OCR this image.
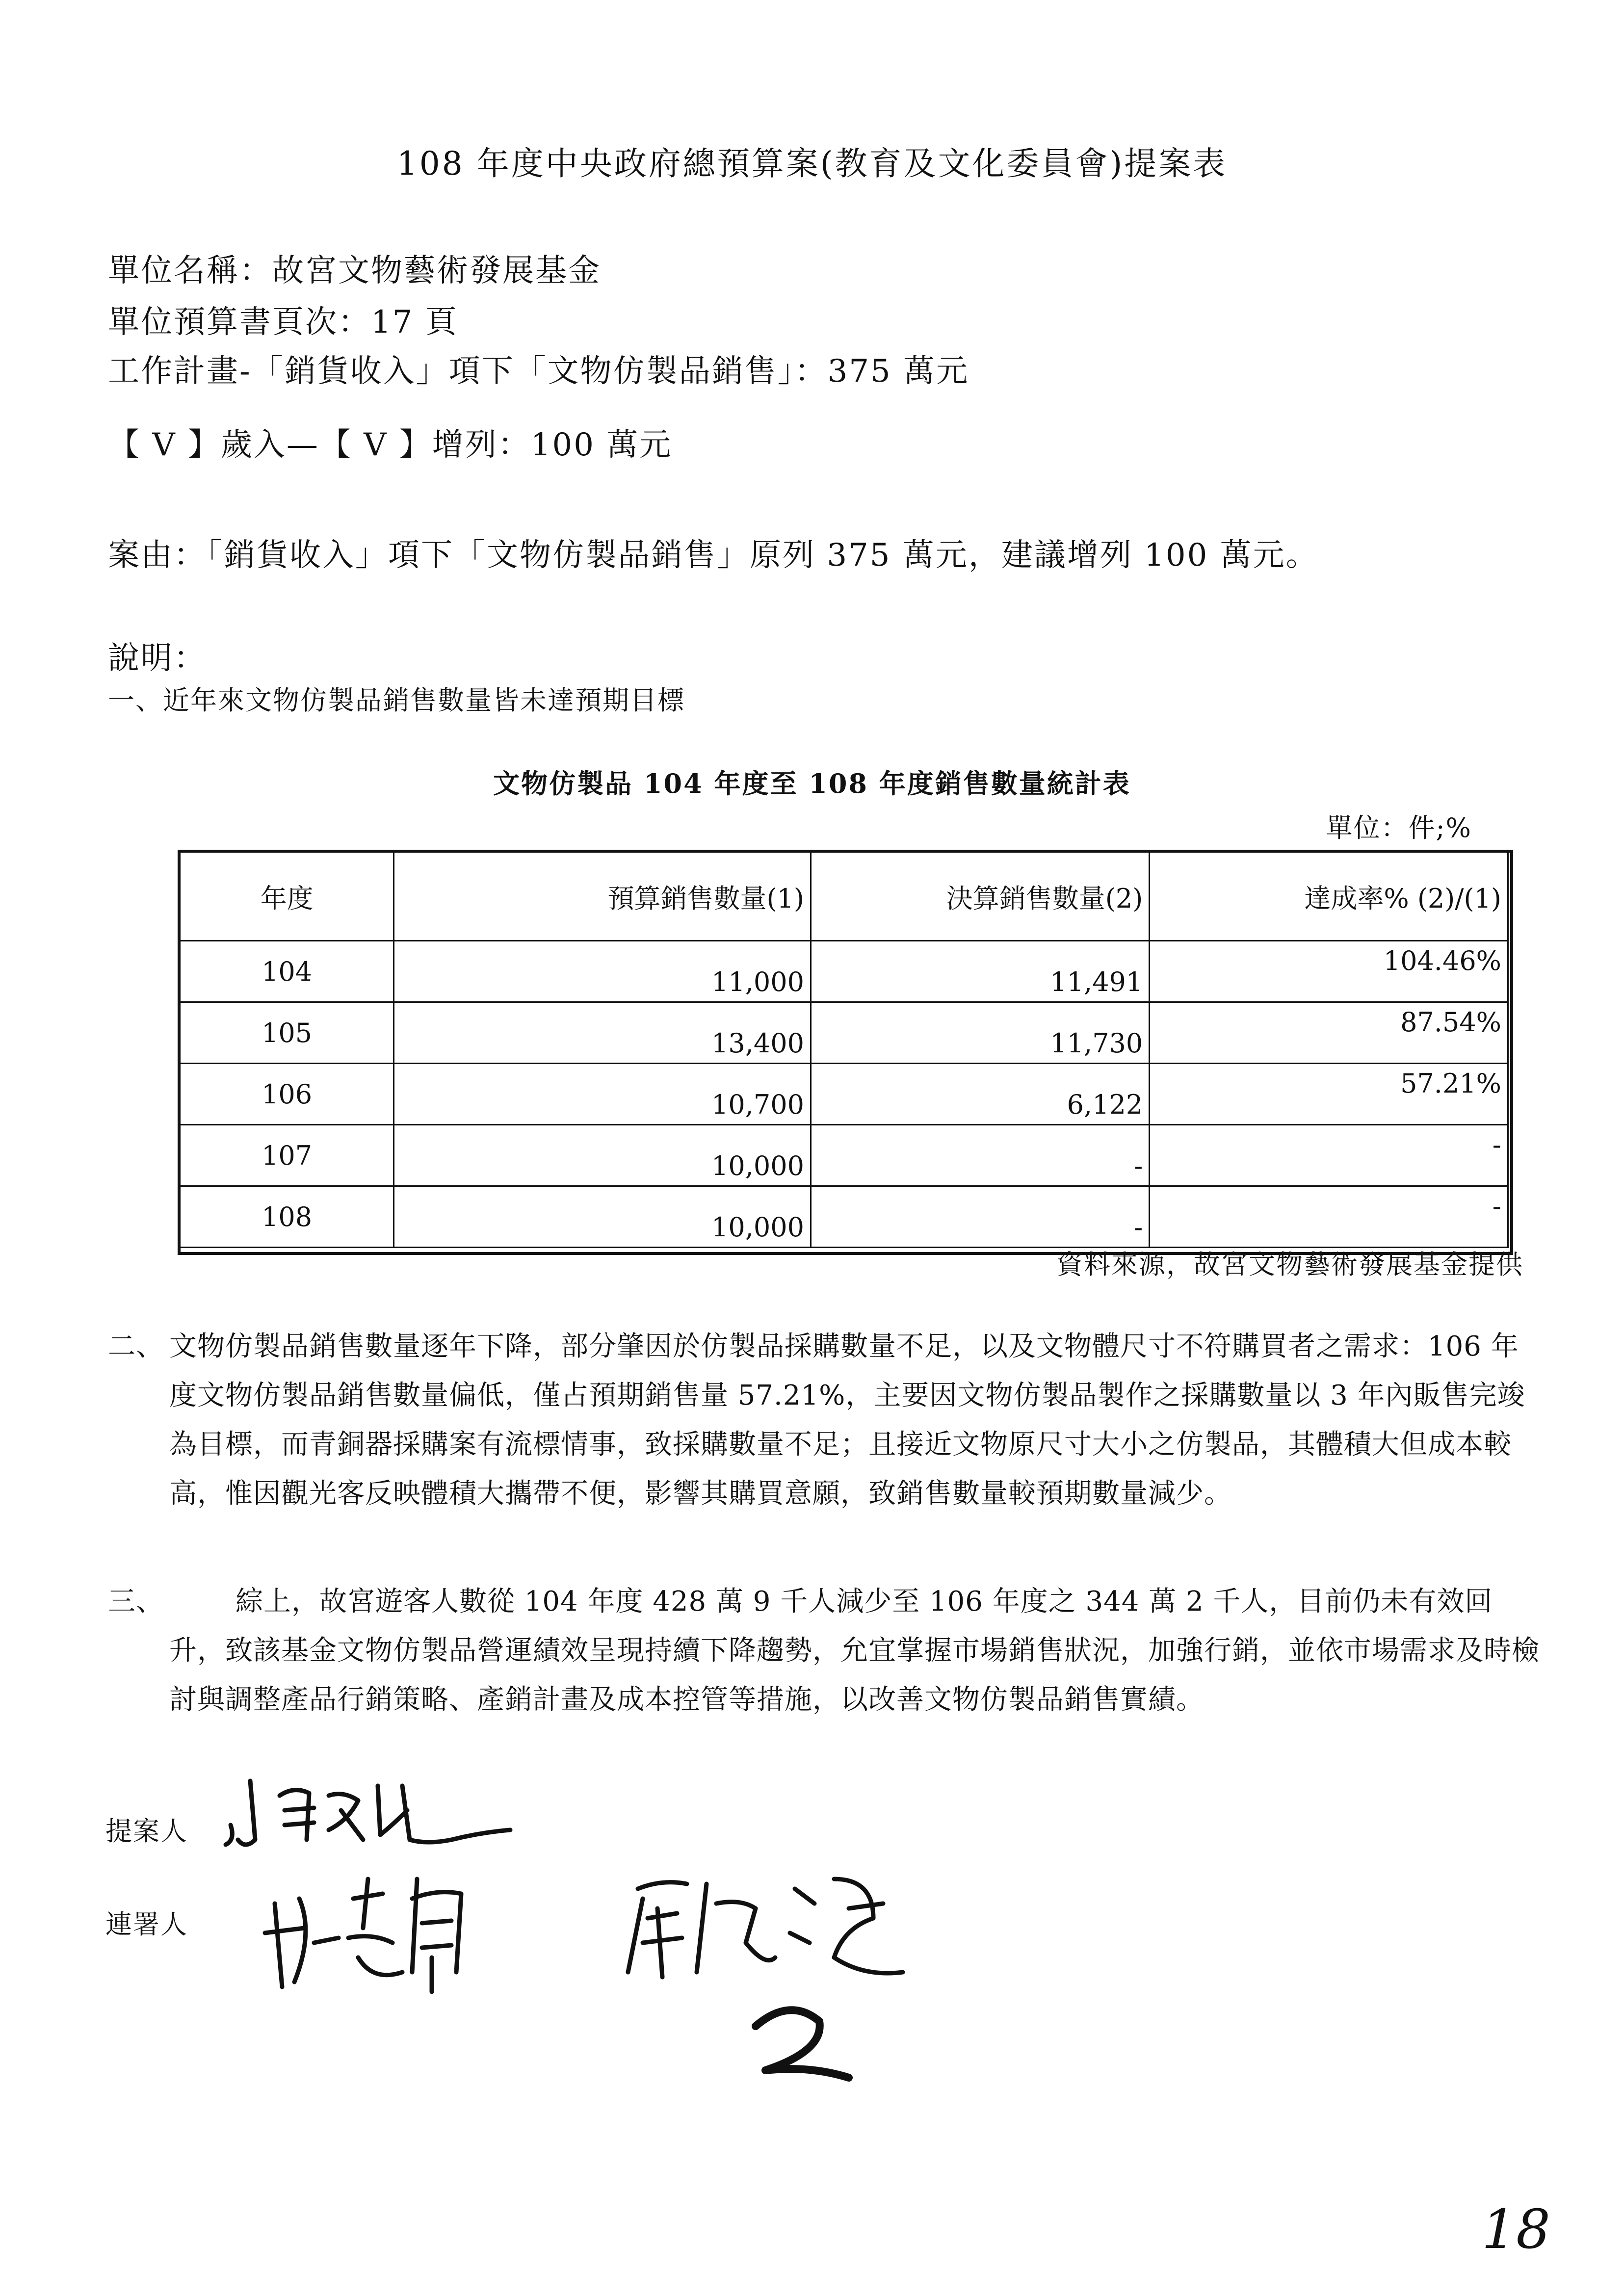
108 年度中央政府總預算案(教育及文化委員會)提案表
單位名稱：故宮文物藝術發展基金
單位預算書頁次：17 頁
工作計畫-「銷貨收入」項下「文物仿製品銷售」：375 萬元
【 V 】歲入—【 V 】增列：100 萬元
案由：「銷貨收入」項下「文物仿製品銷售」原列 375 萬元，建議增列 100 萬元。
說明：
一、近年來文物仿製品銷售數量皆未達預期目標
文物仿製品 104 年度至 108 年度銷售數量統計表
單位：件;%
年度	預算銷售數量(1)	決算銷售數量(2)	達成率% (2)/(1)
104	11,000	11,491	104.46%
105	13,400	11,730	87.54%
106	10,700	6,122	57.21%
107	10,000	-	-
108	10,000	-	-
資料來源，故宮文物藝術發展基金提供
二、 文物仿製品銷售數量逐年下降，部分肇因於仿製品採購數量不足，以及文物體尺寸不符購買者之需求：106 年度文物仿製品銷售數量偏低，僅占預期銷售量 57.21%，主要因文物仿製品製作之採購數量以 3 年內販售完竣為目標，而青銅器採購案有流標情事，致採購數量不足；且接近文物原尺寸大小之仿製品，其體積大但成本較高，惟因觀光客反映體積大攜帶不便，影響其購買意願，致銷售數量較預期數量減少。
三、	綜上，故宮遊客人數從 104 年度 428 萬 9 千人減少至 106 年度之 344 萬 2 千人，目前仍未有效回 升，致該基金文物仿製品營運績效呈現持續下降趨勢，允宜掌握市場銷售狀況，加強行銷，並依市場需求及時檢討與調整產品行銷策略、產銷計畫及成本控管等措施，以改善文物仿製品銷售實績。
提案人
連署人
2
18
